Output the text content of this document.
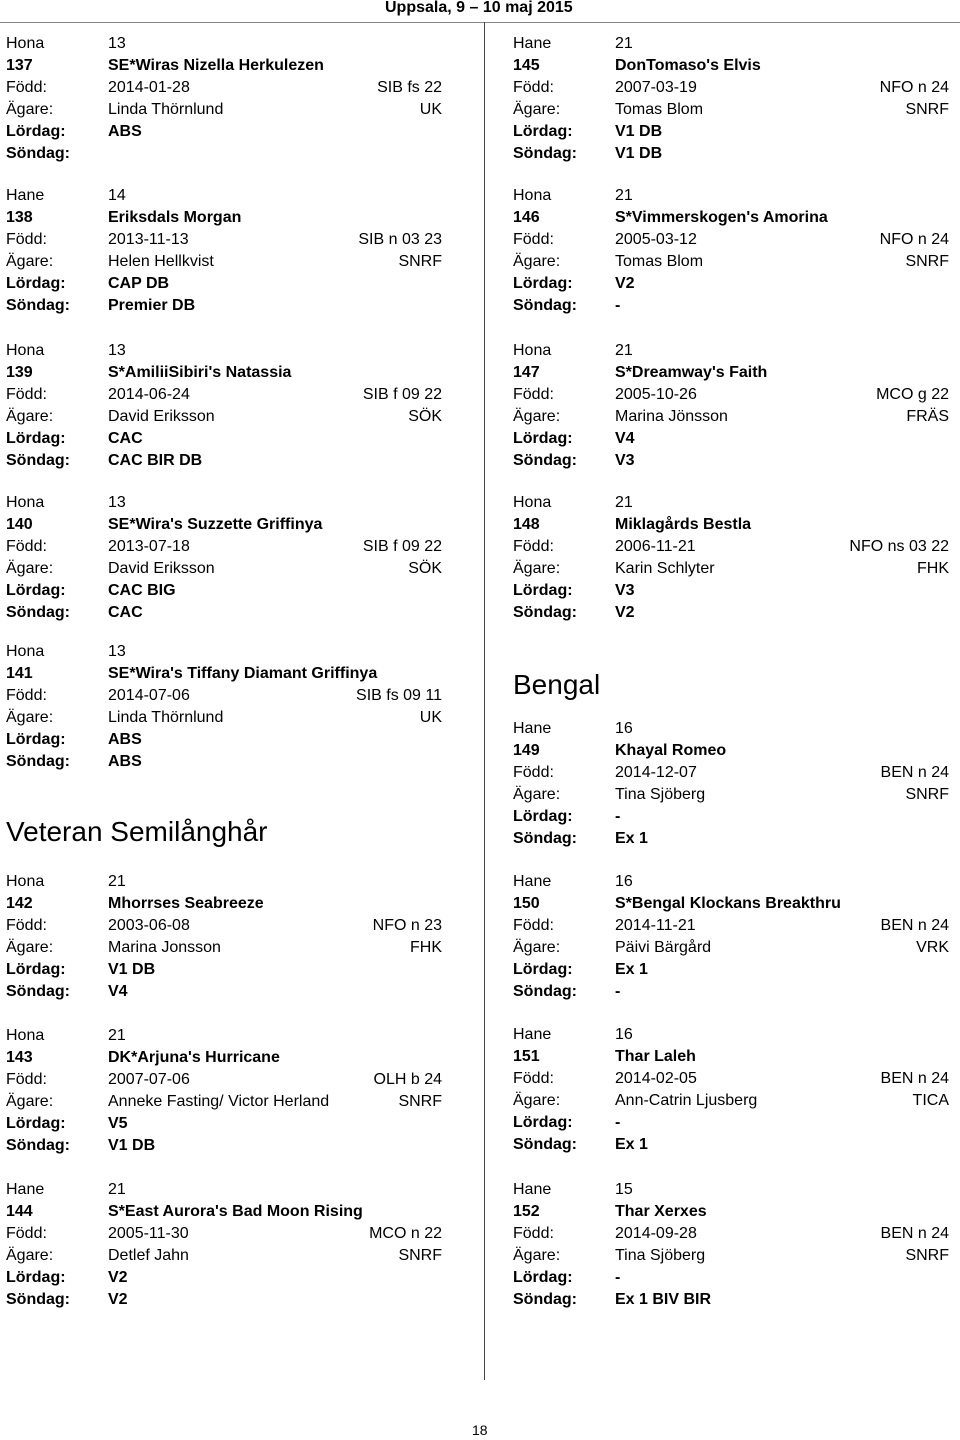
Uppsala, 9 – 10 maj 2015
Hona	13
137	SE*Wiras Nizella Herkulezen
Född:	2014-01-28	SIB fs 22
Ägare:	Linda Thörnlund	UK
Lördag:	ABS
Söndag:
Hane	14
138	Eriksdals Morgan
Född:	2013-11-13	SIB n 03 23
Ägare:	Helen Hellkvist	SNRF
Lördag:	CAP DB
Söndag: Premier DB
Hona	13
139	S*AmiliiSibiri's Natassia
Född:	2014-06-24	SIB f 09 22
Ägare:	David Eriksson	SÖK
Lördag:	CAC
Söndag: CAC BIR DB
Hona	13
140	SE*Wira's Suzzette Griffinya
Född:	2013-07-18	SIB f 09 22
Ägare:	David Eriksson	SÖK
Lördag:	CAC BIG
Söndag: CAC
Hona	13
141	SE*Wira's Tiffany Diamant Griffinya
Född:	2014-07-06	SIB fs 09 11
Ägare:	Linda Thörnlund	UK
Lördag:	ABS
Söndag: ABS
Veteran Semilånghår
Hona	21
142	Mhorrses Seabreeze
Född:	2003-06-08	NFO n 23
Ägare:	Marina Jonsson	FHK
Lördag:	V1 DB
Söndag: V4
Hona	21
143	DK*Arjuna's Hurricane
Född:	2007-07-06	OLH b 24
Ägare:	Anneke Fasting/ Victor Herland	SNRF
Lördag:	V5
Söndag: V1 DB
Hane	21
144	S*East Aurora's Bad Moon Rising
Född:	2005-11-30	MCO n 22
Ägare:	Detlef Jahn	SNRF
Lördag:	V2
Söndag: V2
Hane	21
145	DonTomaso's Elvis
Född:	2007-03-19	NFO n 24
Ägare:	Tomas Blom	SNRF
Lördag:	V1 DB
Söndag: V1 DB
Hona	21
146	S*Vimmerskogen's Amorina
Född:	2005-03-12	NFO n 24
Ägare:	Tomas Blom	SNRF
Lördag:	V2
Söndag: -
Hona	21
147	S*Dreamway's Faith
Född:	2005-10-26	MCO g 22
Ägare:	Marina Jönsson	FRÄS
Lördag:	V4
Söndag: V3
Hona	21
148	Miklagårds Bestla
Född:	2006-11-21	NFO ns 03 22
Ägare:	Karin Schlyter	FHK
Lördag:	V3
Söndag: V2
Bengal
Hane	16
149	Khayal Romeo
Född:	2014-12-07	BEN n 24
Ägare:	Tina Sjöberg	SNRF
Lördag:	-
Söndag: Ex 1
Hane	16
150	S*Bengal Klockans Breakthru
Född:	2014-11-21	BEN n 24
Ägare:	Päivi Bärgård	VRK
Lördag:	Ex 1
Söndag: -
Hane	16
151	Thar Laleh
Född:	2014-02-05	BEN n 24
Ägare:	Ann-Catrin Ljusberg	TICA
Lördag:	-
Söndag: Ex 1
Hane	15
152	Thar Xerxes
Född:	2014-09-28	BEN n 24
Ägare:	Tina Sjöberg	SNRF
Lördag:	-
Söndag: Ex 1 BIV BIR
18
